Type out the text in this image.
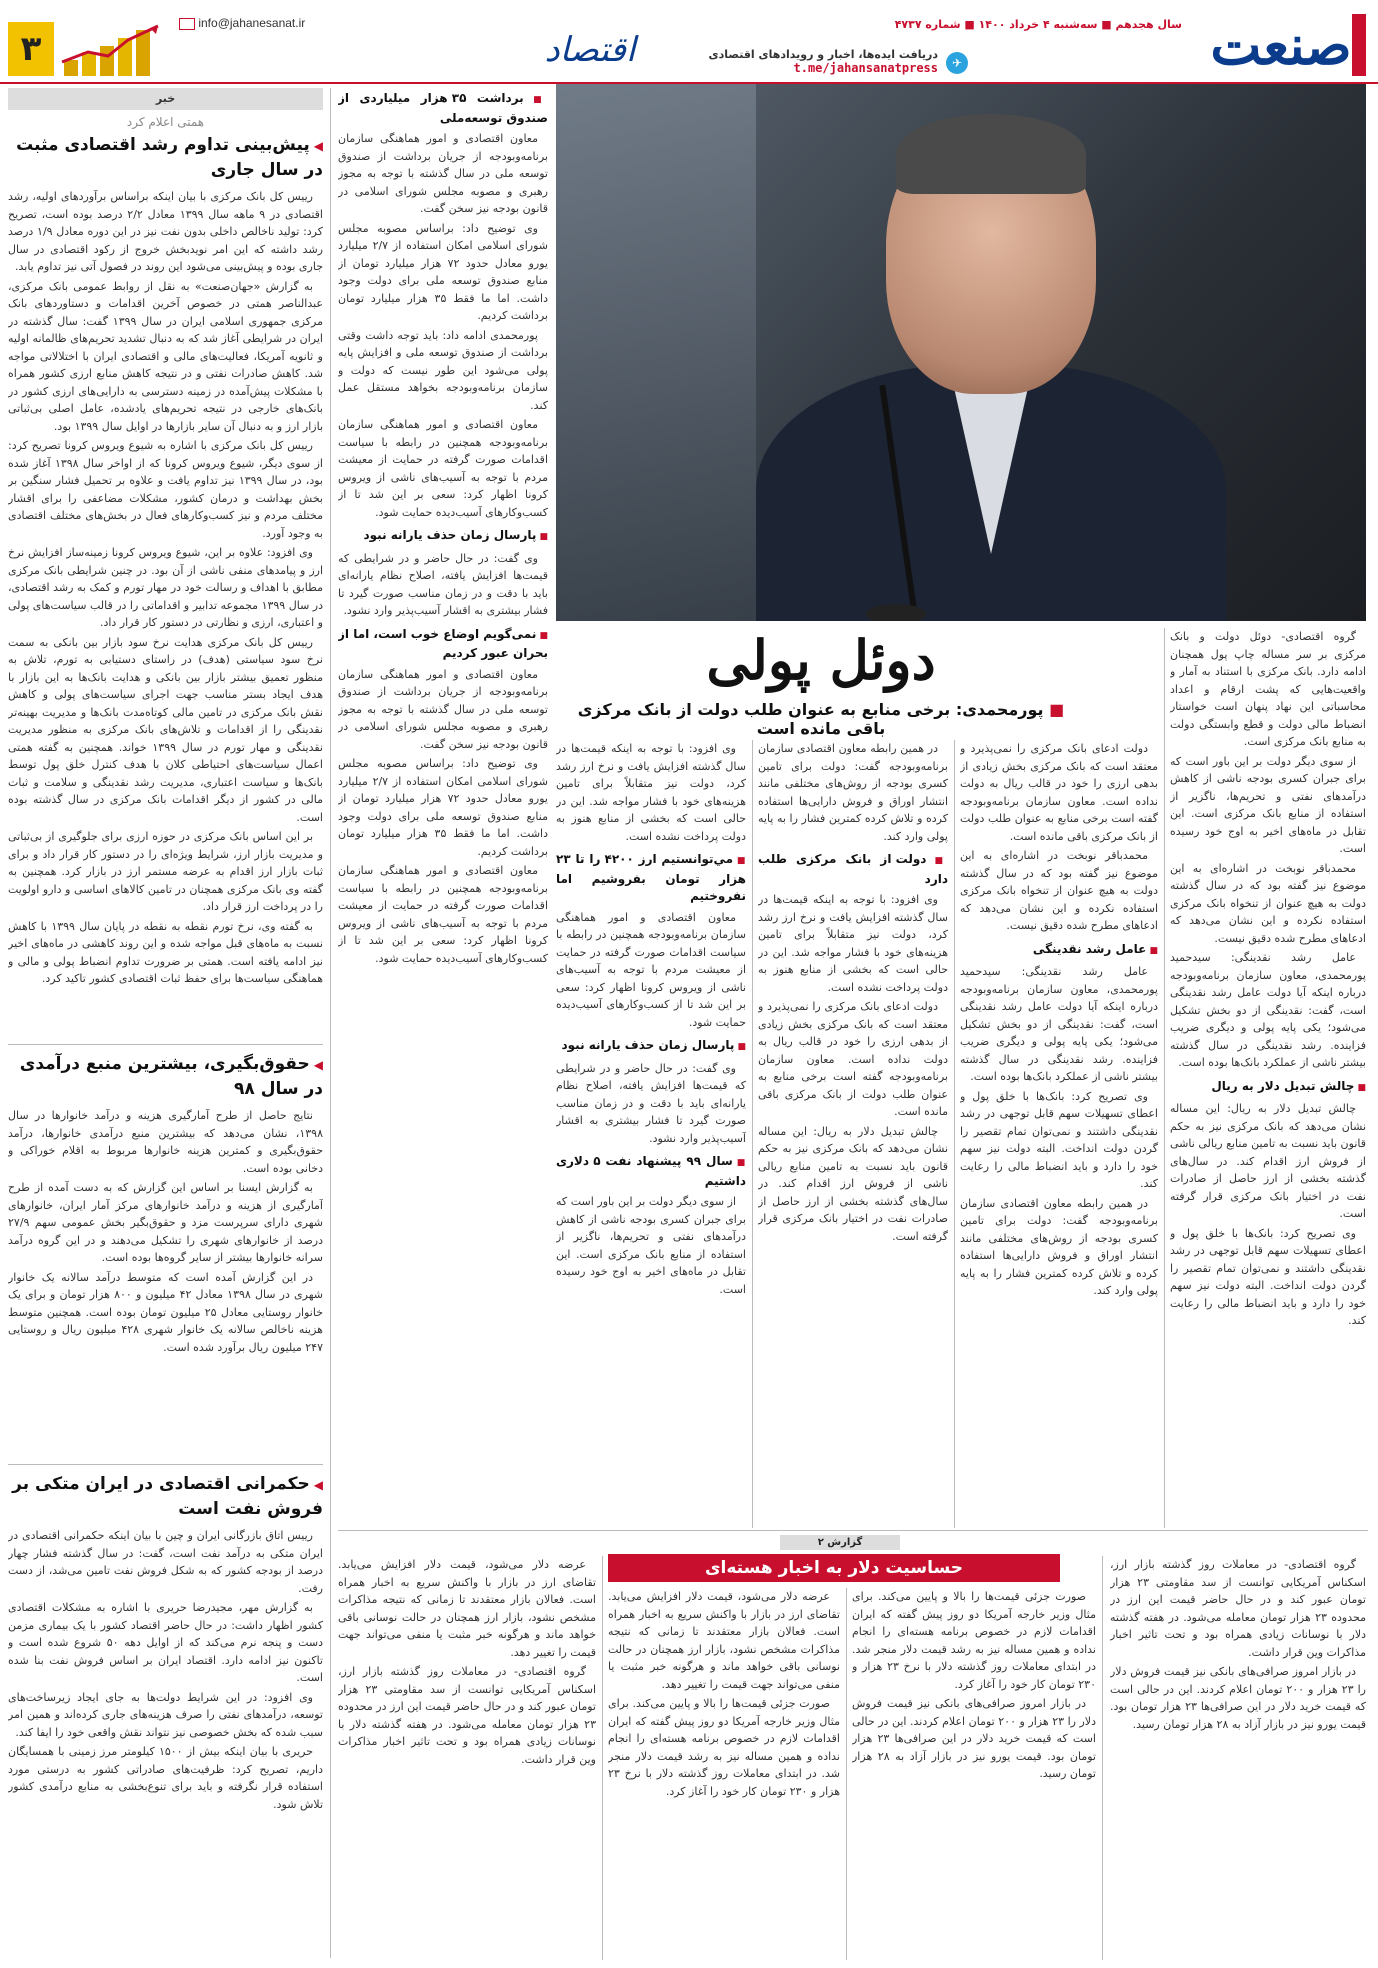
صنعت
سال هجدهم ■ سه‌شنبه ۴ خرداد ۱۴۰۰ ■ شماره ۴۷۳۷
✈
دریافت ایده‌ها، اخبار و رویدادهای اقتصادی
t.me/jahansanatpress
اقتصاد
info@jahanesanat.ir
۳
خبر
همتی اعلام کرد
◀پیش‌بینی تداوم رشد اقتصادی مثبت در سال جاری

رییس کل بانک مرکزی با بیان اینکه براساس برآوردهای اولیه، رشد اقتصادی در ۹ ماهه سال ۱۳۹۹ معادل ۲/۲ درصد بوده است، تصریح کرد: تولید ناخالص داخلی بدون نفت نیز در این دوره معادل ۱/۹ درصد رشد داشته که این امر نویدبخش خروج از رکود اقتصادی در سال جاری بوده و پیش‌بینی می‌شود این روند در فصول آتی نیز تداوم یابد.

به گزارش «جهان‌صنعت» به نقل از روابط عمومی بانک مرکزی، عبدالناصر همتی در خصوص آخرین اقدامات و دستاوردهای بانک مرکزی جمهوری اسلامی ایران در سال ۱۳۹۹ گفت: سال گذشته در ایران در شرایطی آغاز شد که به دنبال تشدید تحریم‌های ظالمانه اولیه و ثانویه آمریکا، فعالیت‌های مالی و اقتصادی ایران با اختلالاتی مواجه شد. کاهش صادرات نفتی و در نتیجه کاهش منابع ارزی کشور همراه با مشکلات پیش‌آمده در زمینه دسترسی به دارایی‌های ارزی کشور در بانک‌های خارجی در نتیجه تحریم‌های یادشده، عامل اصلی بی‌ثباتی بازار ارز و به دنبال آن سایر بازارها در اوایل سال ۱۳۹۹ بود.

رییس کل بانک مرکزی با اشاره به شیوع ویروس کرونا تصریح کرد: از سوی دیگر، شیوع ویروس کرونا که از اواخر سال ۱۳۹۸ آغاز شده بود، در سال ۱۳۹۹ نیز تداوم یافت و علاوه بر تحمیل فشار سنگین بر بخش بهداشت و درمان کشور، مشکلات مضاعفی را برای اقشار مختلف مردم و نیز کسب‌وکارهای فعال در بخش‌های مختلف اقتصادی به وجود آورد.

وی افزود: علاوه بر این، شیوع ویروس کرونا زمینه‌ساز افزایش نرخ ارز و پیامدهای منفی ناشی از آن بود. در چنین شرایطی بانک مرکزی مطابق با اهداف و رسالت خود در مهار تورم و کمک به رشد اقتصادی، در سال ۱۳۹۹ مجموعه تدابیر و اقداماتی را در قالب سیاست‌های پولی و اعتباری، ارزی و نظارتی در دستور کار قرار داد.

رییس کل بانک مرکزی هدایت نرخ سود بازار بین بانکی به سمت نرخ سود سیاستی (هدف) در راستای دستیابی به تورم، تلاش به منظور تعمیق بیشتر بازار بین بانکی و هدایت بانک‌ها به این بازار با هدف ایجاد بستر مناسب جهت اجرای سیاست‌های پولی و کاهش نقش بانک مرکزی در تامین مالی کوتاه‌مدت بانک‌ها و مدیریت بهینه‌تر نقدینگی را از اقدامات و تلاش‌های بانک مرکزی به منظور مدیریت نقدینگی و مهار تورم در سال ۱۳۹۹ خواند. همچنین به گفته همتی اعمال سیاست‌های احتیاطی کلان با هدف کنترل خلق پول توسط بانک‌ها و سیاست اعتباری، مدیریت رشد نقدینگی و سلامت و ثبات مالی در کشور از دیگر اقدامات بانک مرکزی در سال گذشته بوده است.

بر این اساس بانک مرکزی در حوزه ارزی برای جلوگیری از بی‌ثباتی و مدیریت بازار ارز، شرایط ویژه‌ای را در دستور کار قرار داد و برای ثبات بازار ارز اقدام به عرضه مستمر ارز در بازار کرد. همچنین به گفته وی بانک مرکزی همچنان در تامین کالاهای اساسی و دارو اولویت را در پرداخت ارز قرار داد.

به گفته وی، نرخ تورم نقطه به نقطه در پایان سال ۱۳۹۹ با کاهش نسبت به ماه‌های قبل مواجه شده و این روند کاهشی در ماه‌های اخیر نیز ادامه یافته است. همتی بر ضرورت تداوم انضباط پولی و مالی و هماهنگی سیاست‌ها برای حفظ ثبات اقتصادی کشور تاکید کرد.

◀حقوق‌بگیری، بیشترین منبع درآمدی در سال ۹۸

نتایج حاصل از طرح آمارگیری هزینه و درآمد خانوارها در سال ۱۳۹۸، نشان می‌دهد که بیشترین منبع درآمدی خانوارها، درآمد حقوق‌بگیری و کمترین هزینه خانوارها مربوط به اقلام خوراکی و دخانی بوده است.

به گزارش ایسنا بر اساس این گزارش که به دست آمده از طرح آمارگیری از هزینه و درآمد خانوارهای مرکز آمار ایران، خانوارهای شهری دارای سرپرست مزد و حقوق‌بگیر بخش عمومی سهم ۲۷/۹ درصد از خانوارهای شهری را تشکیل می‌دهند و در این گروه درآمد سرانه خانوارها بیشتر از سایر گروه‌ها بوده است.

در این گزارش آمده است که متوسط درآمد سالانه یک خانوار شهری در سال ۱۳۹۸ معادل ۴۲ میلیون و ۸۰۰ هزار تومان و برای یک خانوار روستایی معادل ۲۵ میلیون تومان بوده است. همچنین متوسط هزینه ناخالص سالانه یک خانوار شهری ۴۲۸ میلیون ریال و روستایی ۲۴۷ میلیون ریال برآورد شده است.

◀حکمرانی اقتصادی در ایران متکی بر فروش نفت است

رییس اتاق بازرگانی ایران و چین با بیان اینکه حکمرانی اقتصادی در ایران متکی به درآمد نفت است، گفت: در سال گذشته فشار چهار درصد از بودجه کشور که به شکل فروش نفت تامین می‌شد، از دست رفت.

به گزارش مهر، مجیدرضا حریری با اشاره به مشکلات اقتصادی کشور اظهار داشت: در حال حاضر اقتصاد کشور با یک بیماری مزمن دست و پنجه نرم می‌کند که از اوایل دهه ۵۰ شروع شده است و تاکنون نیز ادامه دارد. اقتصاد ایران بر اساس فروش نفت بنا شده است.

وی افزود: در این شرایط دولت‌ها به جای ایجاد زیرساخت‌های توسعه، درآمدهای نفتی را صرف هزینه‌های جاری کرده‌اند و همین امر سبب شده که بخش خصوصی نیز نتواند نقش واقعی خود را ایفا کند.

حریری با بیان اینکه بیش از ۱۵۰۰ کیلومتر مرز زمینی با همسایگان داریم، تصریح کرد: ظرفیت‌های صادراتی کشور به درستی مورد استفاده قرار نگرفته و باید برای تنوع‌بخشی به منابع درآمدی کشور تلاش شود.

■ برداشت ۳۵ هزار میلیاردی از صندوق توسعه‌ملی

معاون اقتصادی و امور هماهنگی سازمان برنامه‌وبودجه از جریان برداشت از صندوق توسعه ملی در سال گذشته با توجه به مجوز رهبری و مصوبه مجلس شورای اسلامی در قانون بودجه نیز سخن گفت.

وی توضیح داد: براساس مصوبه مجلس شورای اسلامی امکان استفاده از ۲/۷ میلیارد یورو معادل حدود ۷۲ هزار میلیارد تومان از منابع صندوق توسعه ملی برای دولت وجود داشت. اما ما فقط ۳۵ هزار میلیارد تومان برداشت کردیم.

پورمحمدی ادامه داد: باید توجه داشت وقتی برداشت از صندوق توسعه ملی و افزایش پایه پولی می‌شود این طور نیست که دولت و سازمان برنامه‌وبودجه بخواهد مستقل عمل کند.

معاون اقتصادی و امور هماهنگی سازمان برنامه‌وبودجه همچنین در رابطه با سیاست اقدامات صورت گرفته در حمایت از معیشت مردم با توجه به آسیب‌های ناشی از ویروس کرونا اظهار کرد: سعی بر این شد تا از کسب‌وکارهای آسیب‌دیده حمایت شود.

■ پارسال زمان حذف یارانه نبود

وی گفت: در حال حاضر و در شرایطی که قیمت‌ها افزایش یافته، اصلاح نظام یارانه‌ای باید با دقت و در زمان مناسب صورت گیرد تا فشار بیشتری به اقشار آسیب‌پذیر وارد نشود.

■ نمی‌گویم اوضاع خوب است، اما از بحران عبور کردیم

معاون اقتصادی و امور هماهنگی سازمان برنامه‌وبودجه از جریان برداشت از صندوق توسعه ملی در سال گذشته با توجه به مجوز رهبری و مصوبه مجلس شورای اسلامی در قانون بودجه نیز سخن گفت.

وی توضیح داد: براساس مصوبه مجلس شورای اسلامی امکان استفاده از ۲/۷ میلیارد یورو معادل حدود ۷۲ هزار میلیارد تومان از منابع صندوق توسعه ملی برای دولت وجود داشت. اما ما فقط ۳۵ هزار میلیارد تومان برداشت کردیم.

معاون اقتصادی و امور هماهنگی سازمان برنامه‌وبودجه همچنین در رابطه با سیاست اقدامات صورت گرفته در حمایت از معیشت مردم با توجه به آسیب‌های ناشی از ویروس کرونا اظهار کرد: سعی بر این شد تا از کسب‌وکارهای آسیب‌دیده حمایت شود.

دوئل پولی
■ پورمحمدی: برخی منابع به عنوان طلب دولت از بانک مرکزی باقی مانده است

گروه اقتصادی- دوئل دولت و بانک مرکزی بر سر مساله چاپ پول همچنان ادامه دارد. بانک مرکزی با استناد به آمار و واقعیت‌هایی که پشت ارقام و اعداد محاسباتی این نهاد پنهان است خواستار انضباط مالی دولت و قطع وابستگی دولت به منابع بانک مرکزی است.

از سوی دیگر دولت بر این باور است که برای جبران کسری بودجه ناشی از کاهش درآمدهای نفتی و تحریم‌ها، ناگزیر از استفاده از منابع بانک مرکزی است. این تقابل در ماه‌های اخیر به اوج خود رسیده است.

محمدباقر نوبخت در اشاره‌ای به این موضوع نیز گفته بود که در سال گذشته دولت به هیچ عنوان از تنخواه بانک مرکزی استفاده نکرده و این نشان می‌دهد که ادعاهای مطرح شده دقیق نیست.

عامل رشد نقدینگی: سیدحمید پورمحمدی، معاون سازمان برنامه‌وبودجه درباره اینکه آیا دولت عامل رشد نقدینگی است، گفت: نقدینگی از دو بخش تشکیل می‌شود؛ یکی پایه پولی و دیگری ضریب فزاینده. رشد نقدینگی در سال گذشته بیشتر ناشی از عملکرد بانک‌ها بوده است.

■ چالش تبدیل دلار به ریال

چالش تبدیل دلار به ریال: این مساله نشان می‌دهد که بانک مرکزی نیز به حکم قانون باید نسبت به تامین منابع ریالی ناشی از فروش ارز اقدام کند. در سال‌های گذشته بخشی از ارز حاصل از صادرات نفت در اختیار بانک مرکزی قرار گرفته است.

وی تصریح کرد: بانک‌ها با خلق پول و اعطای تسهیلات سهم قابل توجهی در رشد نقدینگی داشتند و نمی‌توان تمام تقصیر را گردن دولت انداخت. البته دولت نیز سهم خود را دارد و باید انضباط مالی را رعایت کند.

دولت ادعای بانک مرکزی را نمی‌پذیرد و معتقد است که بانک مرکزی بخش زیادی از بدهی ارزی را خود در قالب ریال به دولت نداده است. معاون سازمان برنامه‌وبودجه گفته است برخی منابع به عنوان طلب دولت از بانک مرکزی باقی مانده است.

محمدباقر نوبخت در اشاره‌ای به این موضوع نیز گفته بود که در سال گذشته دولت به هیچ عنوان از تنخواه بانک مرکزی استفاده نکرده و این نشان می‌دهد که ادعاهای مطرح شده دقیق نیست.

■ عامل رشد نقدینگی

عامل رشد نقدینگی: سیدحمید پورمحمدی، معاون سازمان برنامه‌وبودجه درباره اینکه آیا دولت عامل رشد نقدینگی است، گفت: نقدینگی از دو بخش تشکیل می‌شود؛ یکی پایه پولی و دیگری ضریب فزاینده. رشد نقدینگی در سال گذشته بیشتر ناشی از عملکرد بانک‌ها بوده است.

وی تصریح کرد: بانک‌ها با خلق پول و اعطای تسهیلات سهم قابل توجهی در رشد نقدینگی داشتند و نمی‌توان تمام تقصیر را گردن دولت انداخت. البته دولت نیز سهم خود را دارد و باید انضباط مالی را رعایت کند.

در همین رابطه معاون اقتصادی سازمان برنامه‌وبودجه گفت: دولت برای تامین کسری بودجه از روش‌های مختلفی مانند انتشار اوراق و فروش دارایی‌ها استفاده کرده و تلاش کرده کمترین فشار را به پایه پولی وارد کند.

در همین رابطه معاون اقتصادی سازمان برنامه‌وبودجه گفت: دولت برای تامین کسری بودجه از روش‌های مختلفی مانند انتشار اوراق و فروش دارایی‌ها استفاده کرده و تلاش کرده کمترین فشار را به پایه پولی وارد کند.

■ دولت از بانک مرکزی طلب دارد

وی افزود: با توجه به اینکه قیمت‌ها در سال گذشته افزایش یافت و نرخ ارز رشد کرد، دولت نیز متقابلاً برای تامین هزینه‌های خود با فشار مواجه شد. این در حالی است که بخشی از منابع هنوز به دولت پرداخت نشده است.

دولت ادعای بانک مرکزی را نمی‌پذیرد و معتقد است که بانک مرکزی بخش زیادی از بدهی ارزی را خود در قالب ریال به دولت نداده است. معاون سازمان برنامه‌وبودجه گفته است برخی منابع به عنوان طلب دولت از بانک مرکزی باقی مانده است.

چالش تبدیل دلار به ریال: این مساله نشان می‌دهد که بانک مرکزی نیز به حکم قانون باید نسبت به تامین منابع ریالی ناشی از فروش ارز اقدام کند. در سال‌های گذشته بخشی از ارز حاصل از صادرات نفت در اختیار بانک مرکزی قرار گرفته است.

وی افزود: با توجه به اینکه قیمت‌ها در سال گذشته افزایش یافت و نرخ ارز رشد کرد، دولت نیز متقابلاً برای تامین هزینه‌های خود با فشار مواجه شد. این در حالی است که بخشی از منابع هنوز به دولت پرداخت نشده است.

■ مي‌توانستیم ارز ۴۲۰۰ را تا ۲۳ هزار تومان بفروشیم اما نفروختیم

معاون اقتصادی و امور هماهنگی سازمان برنامه‌وبودجه همچنین در رابطه با سیاست اقدامات صورت گرفته در حمایت از معیشت مردم با توجه به آسیب‌های ناشی از ویروس کرونا اظهار کرد: سعی بر این شد تا از کسب‌وکارهای آسیب‌دیده حمایت شود.

■ پارسال زمان حذف یارانه نبود

وی گفت: در حال حاضر و در شرایطی که قیمت‌ها افزایش یافته، اصلاح نظام یارانه‌ای باید با دقت و در زمان مناسب صورت گیرد تا فشار بیشتری به اقشار آسیب‌پذیر وارد نشود.

■ سال ۹۹ پیشنهاد نفت ۵ دلاری داشتیم

از سوی دیگر دولت بر این باور است که برای جبران کسری بودجه ناشی از کاهش درآمدهای نفتی و تحریم‌ها، ناگزیر از استفاده از منابع بانک مرکزی است. این تقابل در ماه‌های اخیر به اوج خود رسیده است.

گزارش ۲
حساسیت دلار به اخبار هسته‌ای	گروه اقتصادی- در معاملات روز گذشته بازار ارز، اسکناس آمریکایی توانست از سد مقاومتی ۲۳ هزار تومان عبور کند و در حال حاضر قیمت این ارز در محدوده ۲۳ هزار تومان معامله می‌شود. در هفته گذشته دلار با نوسانات زیادی همراه بود و تحت تاثیر اخبار مذاکرات وین قرار داشت.

در بازار امروز صرافی‌های بانکی نیز قیمت فروش دلار را ۲۳ هزار و ۲۰۰ تومان اعلام کردند. این در حالی است که قیمت خرید دلار در این صرافی‌ها ۲۳ هزار تومان بود. قیمت یورو نیز در بازار آزاد به ۲۸ هزار تومان رسید.

صورت جزئی قیمت‌ها را بالا و پایین می‌کند. برای مثال وزیر خارجه آمریکا دو روز پیش گفته که ایران اقدامات لازم در خصوص برنامه هسته‌ای را انجام نداده و همین مساله نیز به رشد قیمت دلار منجر شد. در ابتدای معاملات روز گذشته دلار با نرخ ۲۳ هزار و ۲۳۰ تومان کار خود را آغاز کرد.

در بازار امروز صرافی‌های بانکی نیز قیمت فروش دلار را ۲۳ هزار و ۲۰۰ تومان اعلام کردند. این در حالی است که قیمت خرید دلار در این صرافی‌ها ۲۳ هزار تومان بود. قیمت یورو نیز در بازار آزاد به ۲۸ هزار تومان رسید.

عرضه دلار می‌شود، قیمت دلار افزایش می‌یابد. تقاضای ارز در بازار با واکنش سریع به اخبار همراه است. فعالان بازار معتقدند تا زمانی که نتیجه مذاکرات مشخص نشود، بازار ارز همچنان در حالت نوسانی باقی خواهد ماند و هرگونه خبر مثبت یا منفی می‌تواند جهت قیمت را تغییر دهد.

صورت جزئی قیمت‌ها را بالا و پایین می‌کند. برای مثال وزیر خارجه آمریکا دو روز پیش گفته که ایران اقدامات لازم در خصوص برنامه هسته‌ای را انجام نداده و همین مساله نیز به رشد قیمت دلار منجر شد. در ابتدای معاملات روز گذشته دلار با نرخ ۲۳ هزار و ۲۳۰ تومان کار خود را آغاز کرد.

عرضه دلار می‌شود، قیمت دلار افزایش می‌یابد. تقاضای ارز در بازار با واکنش سریع به اخبار همراه است. فعالان بازار معتقدند تا زمانی که نتیجه مذاکرات مشخص نشود، بازار ارز همچنان در حالت نوسانی باقی خواهد ماند و هرگونه خبر مثبت یا منفی می‌تواند جهت قیمت را تغییر دهد.

گروه اقتصادی- در معاملات روز گذشته بازار ارز، اسکناس آمریکایی توانست از سد مقاومتی ۲۳ هزار تومان عبور کند و در حال حاضر قیمت این ارز در محدوده ۲۳ هزار تومان معامله می‌شود. در هفته گذشته دلار با نوسانات زیادی همراه بود و تحت تاثیر اخبار مذاکرات وین قرار داشت.
